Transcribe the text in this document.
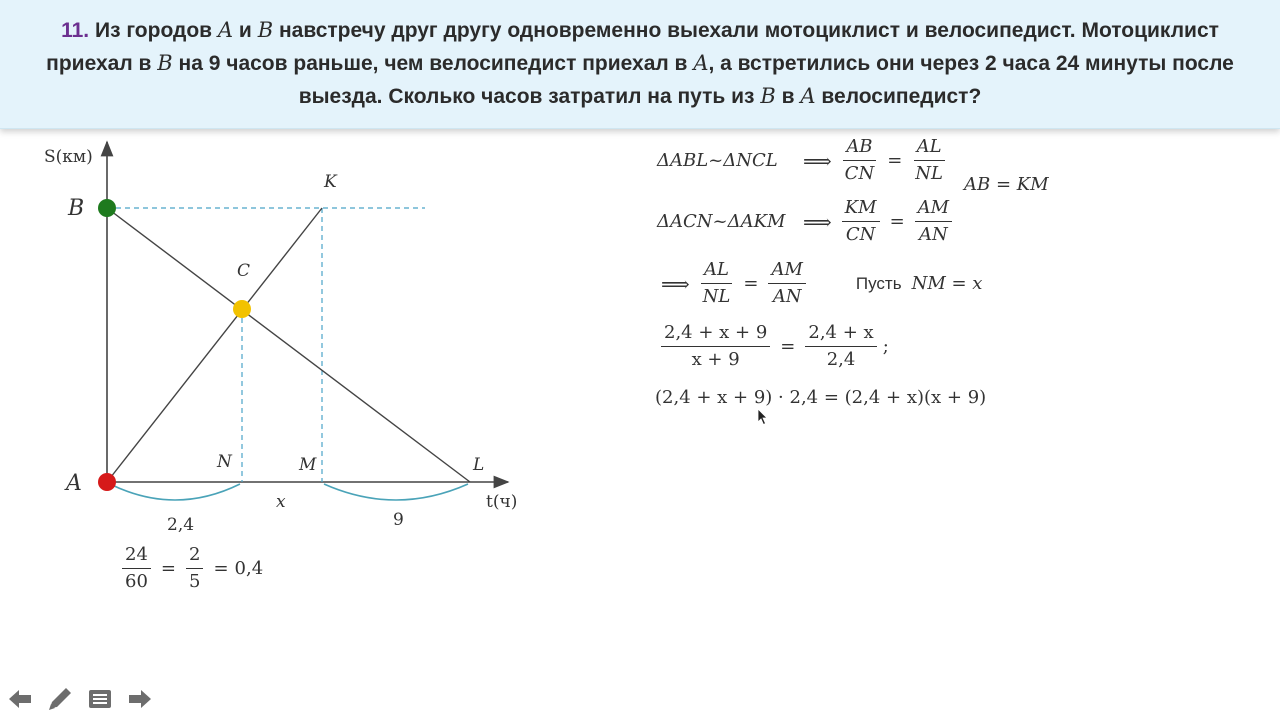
11. Из городов A и B навстречу друг другу одновременно выехали мотоциклист и велосипедист. Мотоциклист приехал в B на 9 часов раньше, чем велосипедист приехал в A, а встретились они через 2 часа 24 минуты после выезда. Сколько часов затратил на путь из B в A велосипедист?
S(км)
B
A
C
K
N	M	L
t(ч)
2,4
x
9
$\frac{24}{60} = \frac{2}{5} = 0,4$
ΔABL~ΔNCL	⟹ $\frac{AB}{CN} = \frac{AL}{NL}$ AB = KM
ΔACN~ΔAKM ⟹ $\frac{KM}{CN} = \frac{AM}{AN}$
⟹ $\frac{AL}{NL} = \frac{AM}{AN}$	Пусть NM = x
$\frac{2,4 + x + 9}{x + 9} = \frac{2,4 + x}{2,4}$ ;
(2,4 + x + 9) · 2,4 = (2,4 + x)(x + 9)
